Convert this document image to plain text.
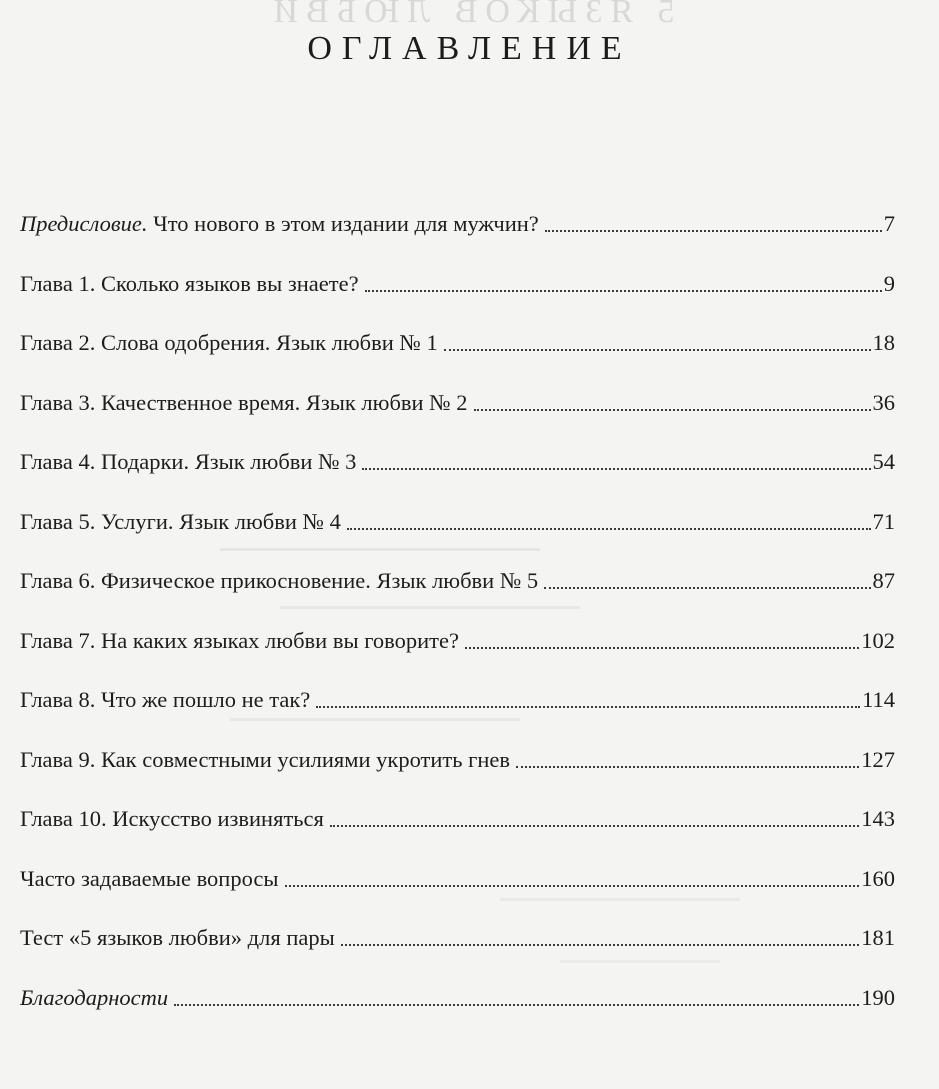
5 ЯЗЫКОВ ЛЮБВИ
ОГЛАВЛЕНИЕ
Предисловие. Что нового в этом издании для мужчин?	7
Глава 1. Сколько языков вы знаете?	9
Глава 2. Слова одобрения. Язык любви № 1	18
Глава 3. Качественное время. Язык любви № 2	36
Глава 4. Подарки. Язык любви № 3	54
Глава 5. Услуги. Язык любви № 4	71
Глава 6. Физическое прикосновение. Язык любви № 5	87
Глава 7. На каких языках любви вы говорите?	102
Глава 8. Что же пошло не так?	114
Глава 9. Как совместными усилиями укротить гнев	127
Глава 10. Искусство извиняться	143
Часто задаваемые вопросы	160
Тест «5 языков любви» для пары	181
Благодарности	190
